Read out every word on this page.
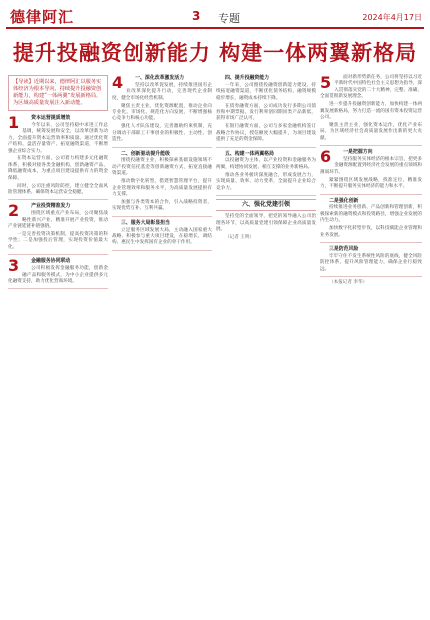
德律阿汇	3 专题	2024年4月17日
提升投融资创新能力 构建一体两翼新格局
【导读】近期以来，德律阿汇以服务实体经济为根本导向，持续提升投融资创新能力，构建“一体两翼”发展新格局，为区域高质量发展注入新动能。
1	资本运营提质增效

今年以来，公司坚持稳中求进工作总基调，统筹发展和安全，以改革创新为动力，全面提升资本运营效率和质量。通过优化资产结构、盘活存量资产、拓宽融资渠道，不断增强企业综合实力。

在资本运营方面，公司着力构建多元化融资体系，积极对接各类金融机构，创新融资产品，降低融资成本，为重点项目建设提供有力的资金保障。

同时，公司注重风险防控，建立健全全面风险管理体系，确保资本运营安全稳健。

2	产业投资精准发力

围绕区域重点产业布局，公司聚焦战略性新兴产业，精准开展产业投资，推动产业链延链补链强链。

一是完善投资决策机制，提高投资决策的科学性；二是加强投后管理，实现投资价值最大化。

3	金融服务协同联动

公司积极发挥金融服务功能，创新金融产品和服务模式，为中小企业提供多元化融资支持，助力优化营商环境。

4	一、深化改革激发活力

坚持以改革促发展，持续推进国有企业改革深化提升行动，完善现代企业制度，健全市场化经营机制。

聚焦主责主业，优化资源配置，推动企业向专业化、市场化、规范化方向发展，不断增强核心竞争力和核心功能。

强化人才队伍建设，完善激励约束机制，充分调动干部职工干事创业的积极性、主动性、创造性。

二、创新驱动提升能级

围绕投融资主业，积极探索基础设施领域不动产投资信托基金等创新融资方式，拓宽直接融资渠道。

推动数字化转型，搭建智慧管理平台，提升企业管理效率和服务水平，为高质量发展提供有力支撑。

加强与各类资本的合作，引入战略投资者，实现优势互补、互利共赢。

三、服务大局彰显担当

立足服务区域发展大局，主动融入国家重大战略，积极参与重大项目建设，在稳增长、调结构、惠民生中发挥国有企业的骨干作用。

四、提升投融资能力

一年来，公司围绕投融资创新能力建设，持续拓宽融资渠道，不断优化债务结构，融资规模稳步增长，融资成本持续下降。

在债券融资方面，公司成功发行多期公司债券和中期票据，发行利率创同期同类产品新低，获得市场广泛认可。

在银行融资方面，公司与多家金融机构签订战略合作协议，授信额度大幅提升，为项目建设提供了充足的资金保障。

五、构建一体两翼格局

以投融资为主体，以产业投资和金融服务为两翼，构建协同发展、相互支撑的业务新格局。

推动各业务板块深度融合，形成发展合力，实现质量、效率、动力变革，全面提升企业综合竞争力。

六、强化党建引领

坚持党的全面领导，把党的领导融入公司治理各环节，以高质量党建引领保障企业高质量发展。

（记者 王明）

5	面对新形势新任务，公司将坚持以习近平新时代中国特色社会主义思想为指导，深入贯彻落实党的二十大精神，完整、准确、全面贯彻新发展理念。

进一步提升投融资创新能力，加快构建一体两翼发展新格局，努力打造一流的国有资本投资运营公司。

聚焦主责主业，强化资本运作，优化产业布局，为区域经济社会高质量发展作出新的更大贡献。

6	一是把握方向

坚持服务实体经济的根本宗旨，把更多金融资源配置到经济社会发展的重点领域和薄弱环节。

紧紧围绕区域发展战略，找准定位，精准发力，不断提升服务实体经济的能力和水平。

二是强化创新

持续推进业务创新、产品创新和管理创新，积极探索新的融资模式和投资路径，增强企业发展的内生动力。

加快数字化转型步伐，以科技赋能企业管理和业务发展。

三是防范风险

牢牢守住不发生系统性风险的底线，健全风险防控体系，提升风险管理能力，确保企业行稳致远。

（本报记者 李华）
